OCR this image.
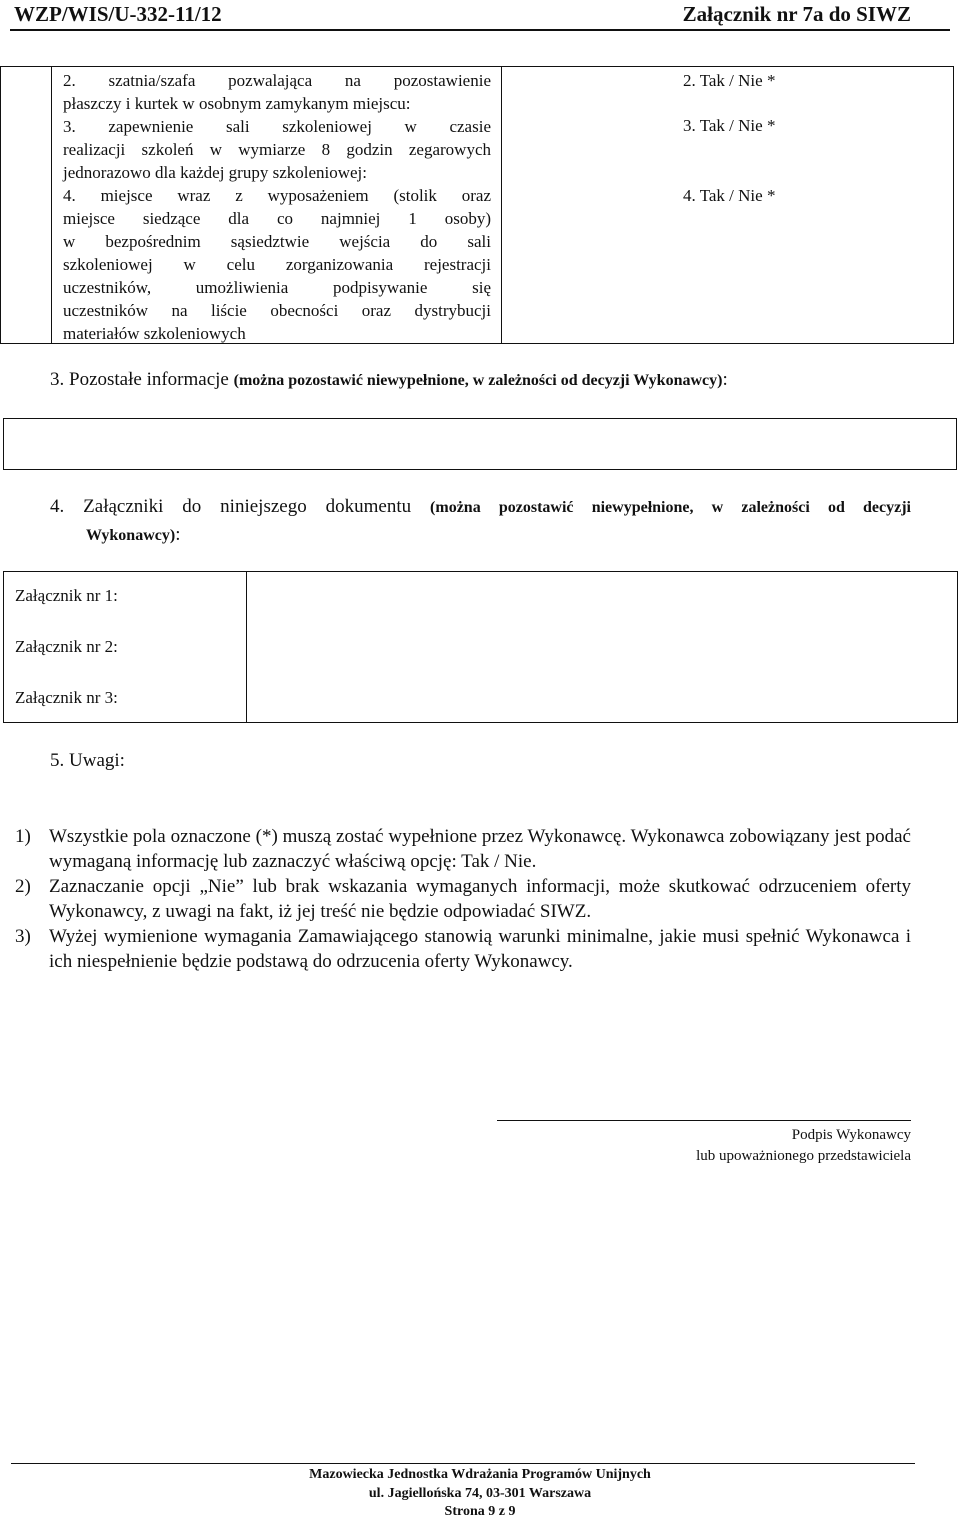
WZP/WIS/U-332-11/12	Załącznik nr 7a do SIWZ
2. szatnia/szafa pozwalająca na pozostawienie
płaszczy i kurtek w osobnym zamykanym miejscu:
3. zapewnienie sali szkoleniowej w czasie
realizacji szkoleń w wymiarze 8 godzin zegarowych
jednorazowo dla każdej grupy szkoleniowej:
4. miejsce wraz z wyposażeniem (stolik oraz
miejsce siedzące dla co najmniej 1 osoby)
w bezpośrednim sąsiedztwie wejścia do sali
szkoleniowej w celu zorganizowania rejestracji
uczestników, umożliwienia podpisywanie się
uczestników na liście obecności oraz dystrybucji
materiałów szkoleniowych
2. Tak / Nie *
3. Tak / Nie *
4. Tak / Nie *
3. Pozostałe informacje (można pozostawić niewypełnione, w zależności od decyzji Wykonawcy):
4. Załączniki do niniejszego dokumentu (można pozostawić niewypełnione, w zależności od decyzji
Wykonawcy):
Załącznik nr 1:
Załącznik nr 2:
Załącznik nr 3:
5. Uwagi:
1) Wszystkie pola oznaczone (*) muszą zostać wypełnione przez Wykonawcę. Wykonawca zobowiązany jest podać wymaganą informację lub zaznaczyć właściwą opcję: Tak / Nie.
2) Zaznaczanie opcji „Nie” lub brak wskazania wymaganych informacji, może skutkować odrzuceniem oferty Wykonawcy, z uwagi na fakt, iż jej treść nie będzie odpowiadać SIWZ.
3) Wyżej wymienione wymagania Zamawiającego stanowią warunki minimalne, jakie musi spełnić Wykonawca i ich niespełnienie będzie podstawą do odrzucenia oferty Wykonawcy.
Podpis Wykonawcy
lub upoważnionego przedstawiciela
Mazowiecka Jednostka Wdrażania Programów Unijnych
ul. Jagiellońska 74, 03-301 Warszawa
Strona 9 z 9
